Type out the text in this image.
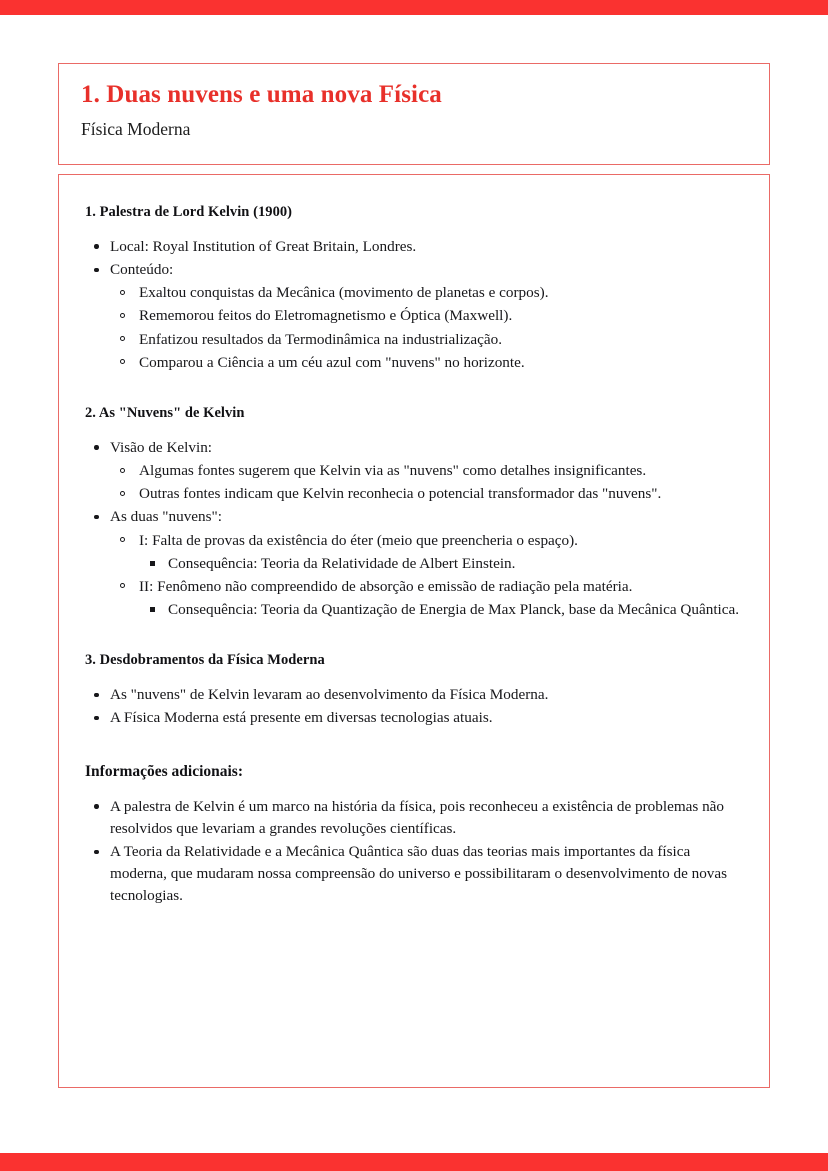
1. Duas nuvens e uma nova Física
Física Moderna
1. Palestra de Lord Kelvin (1900)
Local: Royal Institution of Great Britain, Londres.
Conteúdo:
Exaltou conquistas da Mecânica (movimento de planetas e corpos).
Rememorou feitos do Eletromagnetismo e Óptica (Maxwell).
Enfatizou resultados da Termodinâmica na industrialização.
Comparou a Ciência a um céu azul com "nuvens" no horizonte.
2. As "Nuvens" de Kelvin
Visão de Kelvin:
Algumas fontes sugerem que Kelvin via as "nuvens" como detalhes insignificantes.
Outras fontes indicam que Kelvin reconhecia o potencial transformador das "nuvens".
As duas "nuvens":
I: Falta de provas da existência do éter (meio que preencheria o espaço).
Consequência: Teoria da Relatividade de Albert Einstein.
II: Fenômeno não compreendido de absorção e emissão de radiação pela matéria.
Consequência: Teoria da Quantização de Energia de Max Planck, base da Mecânica Quântica.
3. Desdobramentos da Física Moderna
As "nuvens" de Kelvin levaram ao desenvolvimento da Física Moderna.
A Física Moderna está presente em diversas tecnologias atuais.
Informações adicionais:
A palestra de Kelvin é um marco na história da física, pois reconheceu a existência de problemas não resolvidos que levariam a grandes revoluções científicas.
A Teoria da Relatividade e a Mecânica Quântica são duas das teorias mais importantes da física moderna, que mudaram nossa compreensão do universo e possibilitaram o desenvolvimento de novas tecnologias.
